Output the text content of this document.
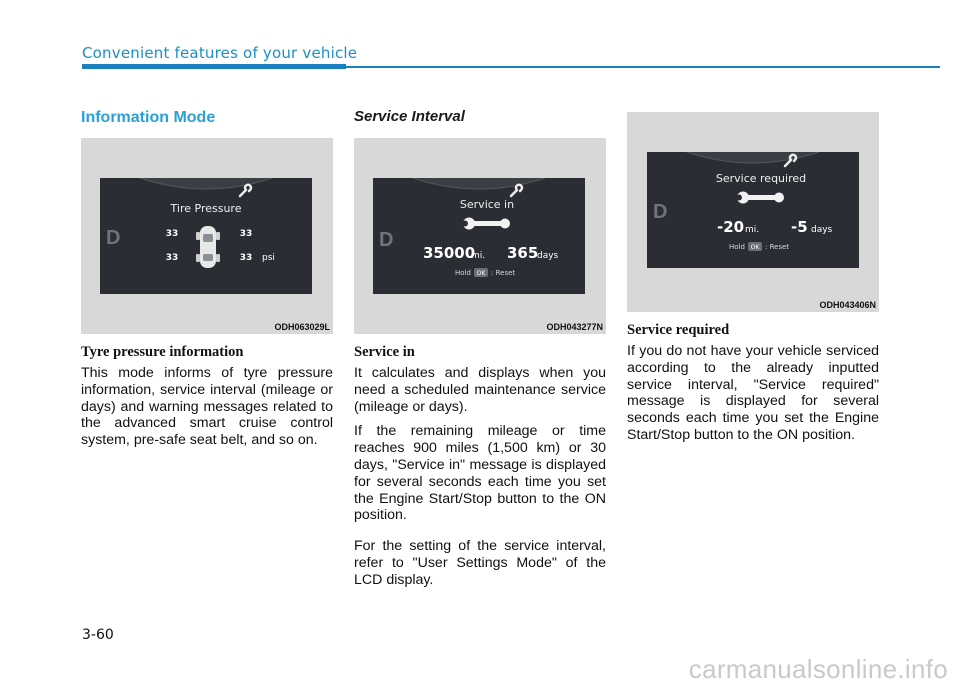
Convenient features of your vehicle
Information Mode
D
Tire Pressure
33	33
33	33 psi
ODH063029L
Tyre pressure information

This mode informs of tyre pressure information, service interval (mileage or days) and warning messages related to the advanced smart cruise control system, pre-safe seat belt, and so on.

Service Interval
D
Service in
35000
mi. 365
days
Hold OK : Reset
ODH043277N
Service in

It calculates and displays when you need a scheduled maintenance service (mileage or days).

If the remaining mileage or time reaches 900 miles (1,500 km) or 30 days, "Service in" message is displayed for several seconds each time you set the Engine Start/Stop button to the ON position.

For the setting of the service interval, refer to "User Settings Mode" of the LCD display.

D
Service required
-20 mi. -5 days
Hold OK : Reset
ODH043406N
Service required

If you do not have your vehicle serviced according to the already inputted service interval, "Service required" message is displayed for several seconds each time you set the Engine Start/Stop button to the ON position.

3-60
carmanualsonline.info
